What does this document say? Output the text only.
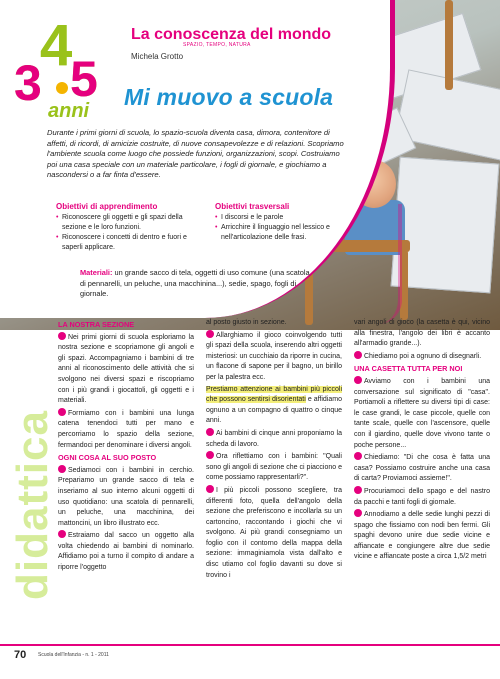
4
3 5
anni
La conoscenza del mondo
SPAZIO, TEMPO, NATURA
Michela Grotto
Mi muovo a scuola
Durante i primi giorni di scuola, lo spazio-scuola diventa casa, dimora, contenitore di affetti, di ricordi, di amicizie costruite, di nuove consapevolezze e di relazioni. Scopriamo l'ambiente scuola come luogo che possiede funzioni, organizzazioni, scopi. Costruiamo poi una casa speciale con un materiale particolare, i fogli di giornale, e giochiamo a nascondersi o a far finta d'essere.
Obiettivi di apprendimento
• Riconoscere gli oggetti e gli spazi della sezione e le loro funzioni.
• Riconoscere i concetti di dentro e fuori e saperli applicare.
Obiettivi trasversali
• I discorsi e le parole
• Arricchire il linguaggio nel lessico e nell'articolazione delle frasi.
Materiali: un grande sacco di tela, oggetti di uso comune (una scatola di pennarelli, un peluche, una macchinina...), sedie, spago, fogli di giornale.
didattica
LA NOSTRA SEZIONE

Nei primi giorni di scuola esploriamo la nostra sezione e scopriamone gli angoli e gli spazi. Accompagniamo i bambini di tre anni al riconoscimento delle attività che si svolgono nei diversi spazi e riscopriamo con i più grandi i giocattoli, gli oggetti e i materiali.

Formiamo con i bambini una lunga catena tenendoci tutti per mano e percorriamo lo spazio della sezione, fermandoci per denominare i diversi angoli.

OGNI COSA AL SUO POSTO

Sediamoci con i bambini in cerchio. Prepariamo un grande sacco di tela e inseriamo al suo interno alcuni oggetti di uso quotidiano: una scatola di pennarelli, un peluche, una macchinina, dei mattoncini, un libro illustrato ecc.

Estraiamo dal sacco un oggetto alla volta chiedendo ai bambini di nominarlo. Affidiamo poi a turno il compito di andare a riporre l'oggetto

al posto giusto in sezione.

Allarghiamo il gioco coinvolgendo tutti gli spazi della scuola, inserendo altri oggetti misteriosi: un cucchiaio da riporre in cucina, un flacone di sapone per il bagno, un birillo per la palestra ecc.

Prestiamo attenzione ai bambini più piccoli che possono sentirsi disorientati e affidiamo ognuno a un compagno di quattro o cinque anni.

Ai bambini di cinque anni proponiamo la scheda di lavoro.

Ora riflettiamo con i bambini: "Quali sono gli angoli di sezione che ci piacciono e come possiamo rappresentarli?".

I più piccoli possono scegliere, tra differenti foto, quella dell'angolo della sezione che preferiscono e incollarla su un cartoncino, raccontando i giochi che vi svolgono. Ai più grandi consegniamo un foglio con il contorno della mappa della sezione: immaginiamola vista dall'alto e disc utiamo col foglio davanti su dove si trovino i

vari angoli di gioco (la casetta è qui, vicino alla finestra, l'angolo dei libri è accanto all'armadio grande...).

Chiediamo poi a ognuno di disegnarli.

UNA CASETTA TUTTA PER NOI

Avviamo con i bambini una conversazione sul significato di "casa". Portiamoli a riflettere su diversi tipi di case: le case grandi, le case piccole, quelle con tante scale, quelle con l'ascensore, quelle con il giardino, quelle dove vivono tante o poche persone...

Chiediamo: "Di che cosa è fatta una casa? Possiamo costruire anche una casa di carta? Proviamoci assieme!".

Procuriamoci dello spago e del nastro da pacchi e tanti fogli di giornale.

Annodiamo a delle sedie lunghi pezzi di spago che fissiamo con nodi ben fermi. Gli spaghi devono unire due sedie vicine e affiancate e congiungere altre due sedie vicine e affiancate poste a circa 1,5/2 metri

70 Scuola dell'Infanzia - n. 1 - 2011
